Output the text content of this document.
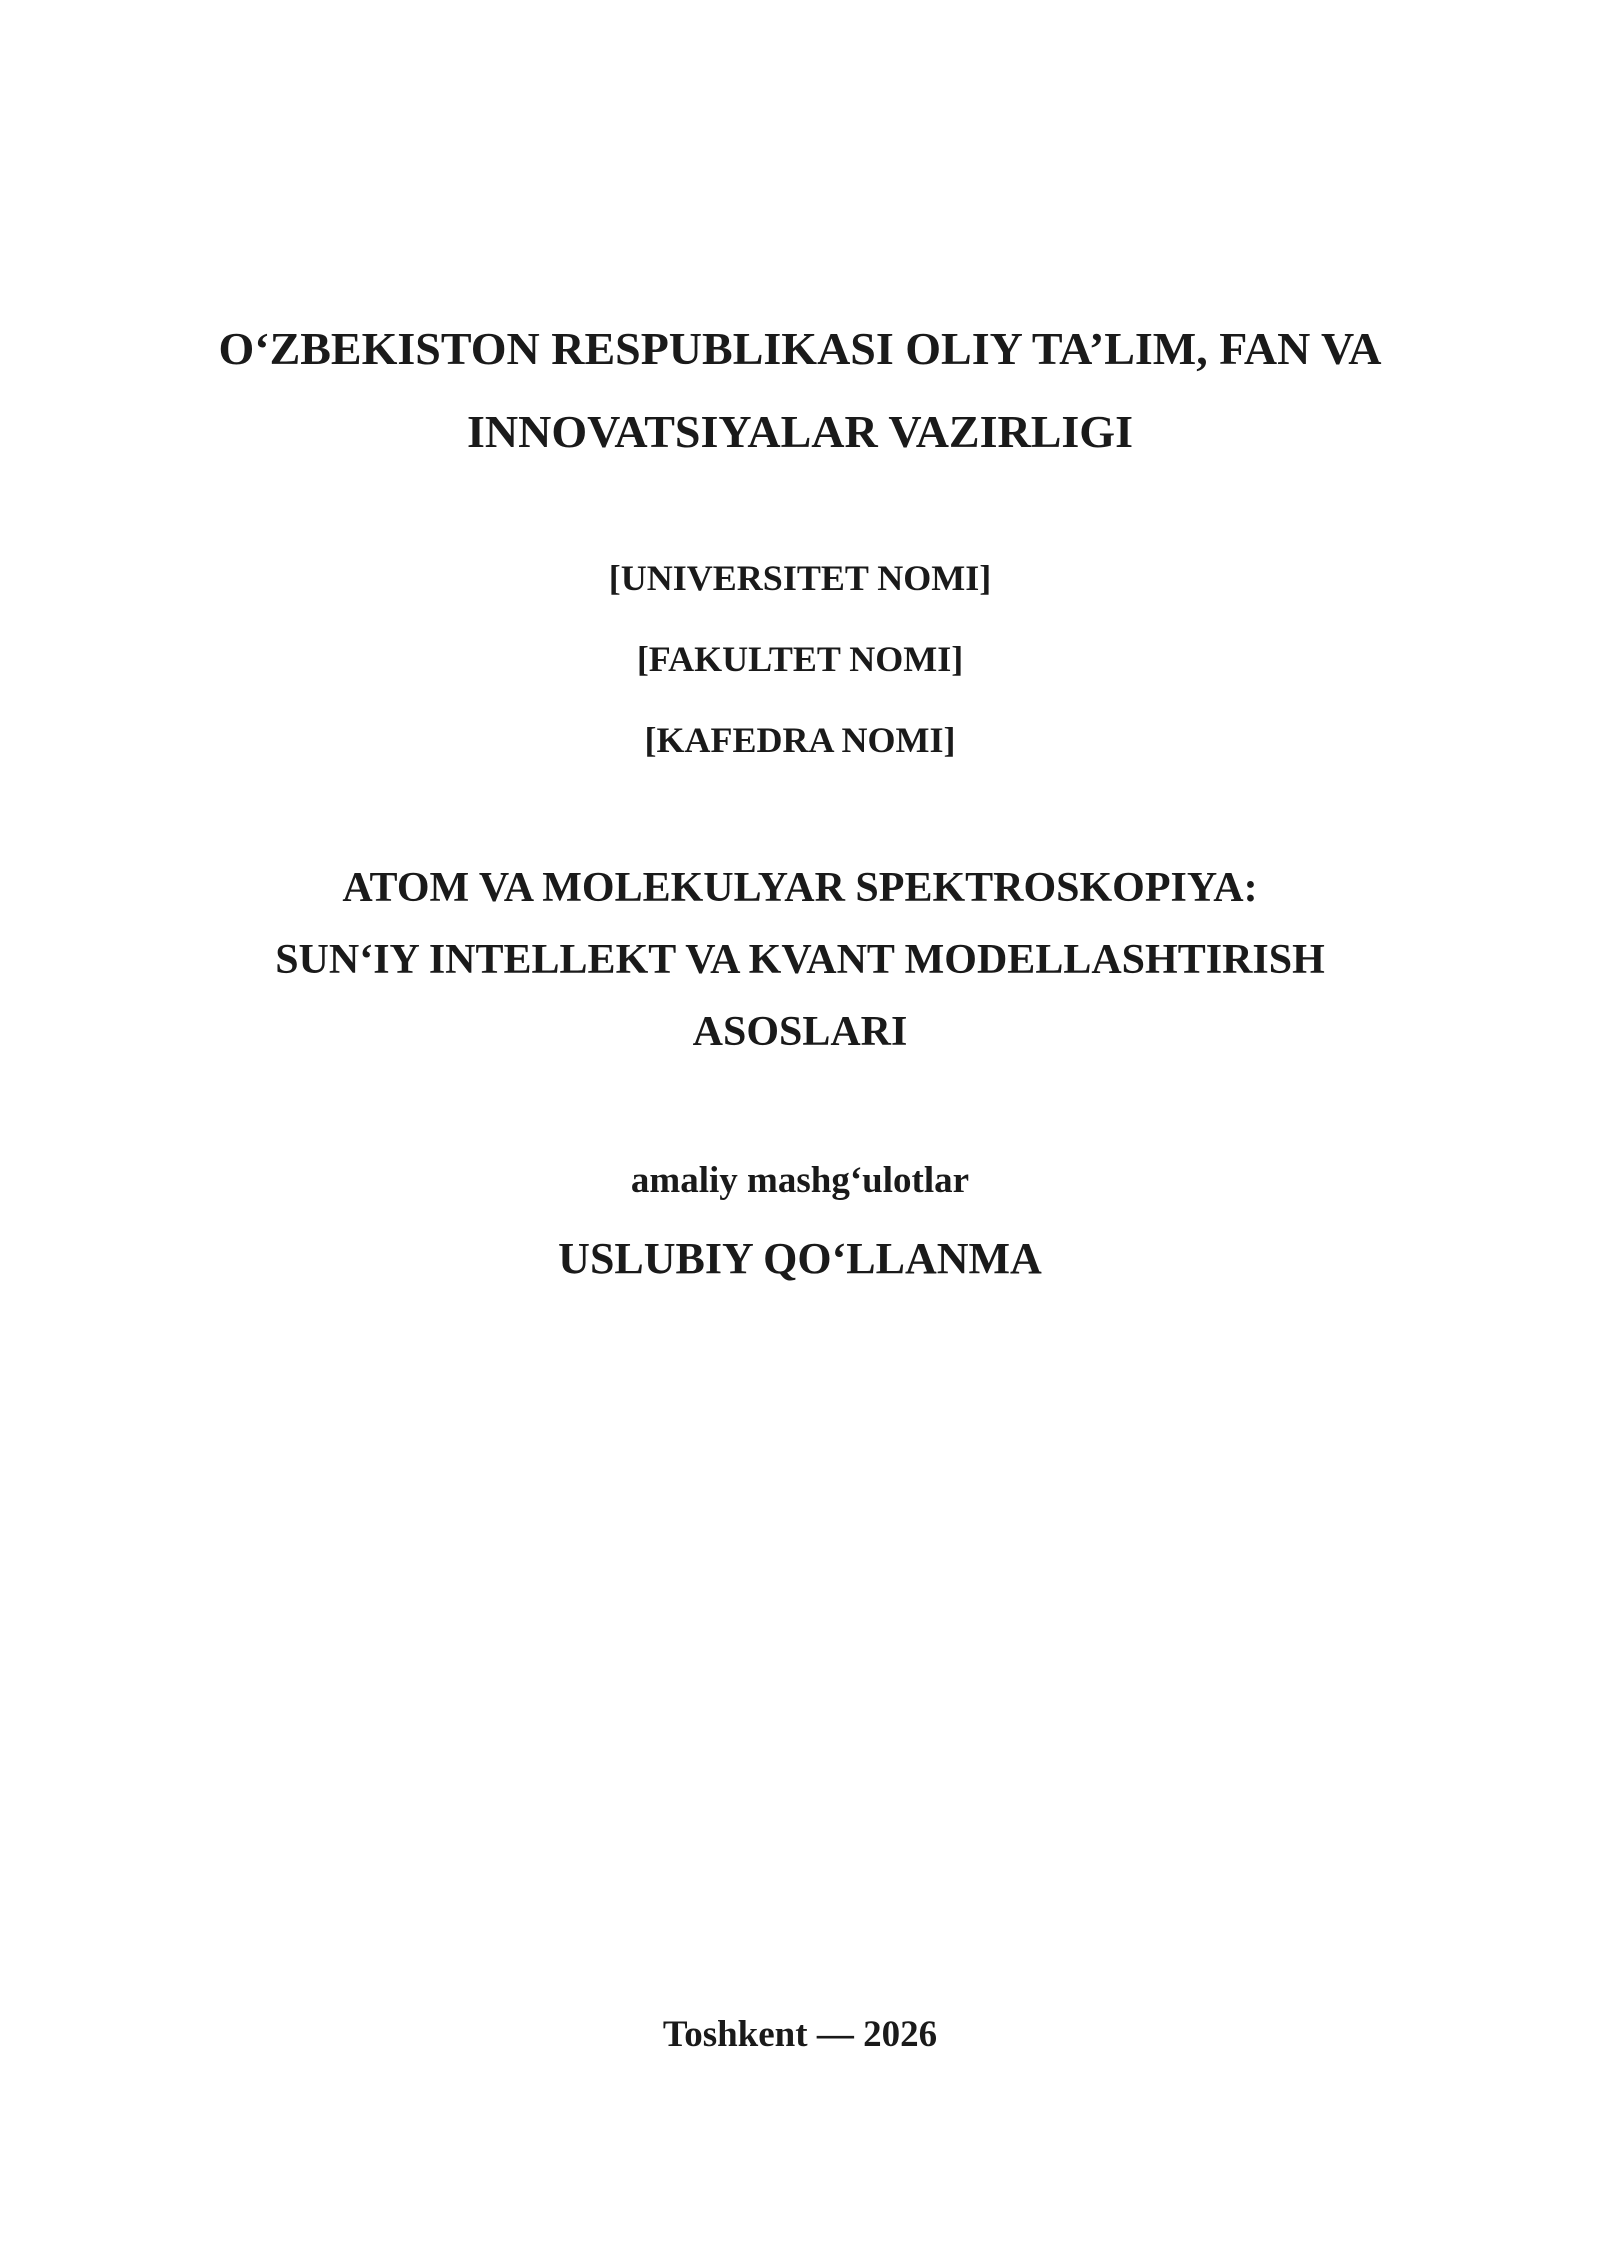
O‘ZBEKISTON RESPUBLIKASI OLIY TA’LIM, FAN VA
INNOVATSIYALAR VAZIRLIGI
[UNIVERSITET NOMI]
[FAKULTET NOMI]
[KAFEDRA NOMI]
ATOM VA MOLEKULYAR SPEKTROSKOPIYA:
SUN‘IY INTELLEKT VA KVANT MODELLASHTIRISH
ASOSLARI
amaliy mashg‘ulotlar
USLUBIY QO‘LLANMA
Toshkent — 2026
